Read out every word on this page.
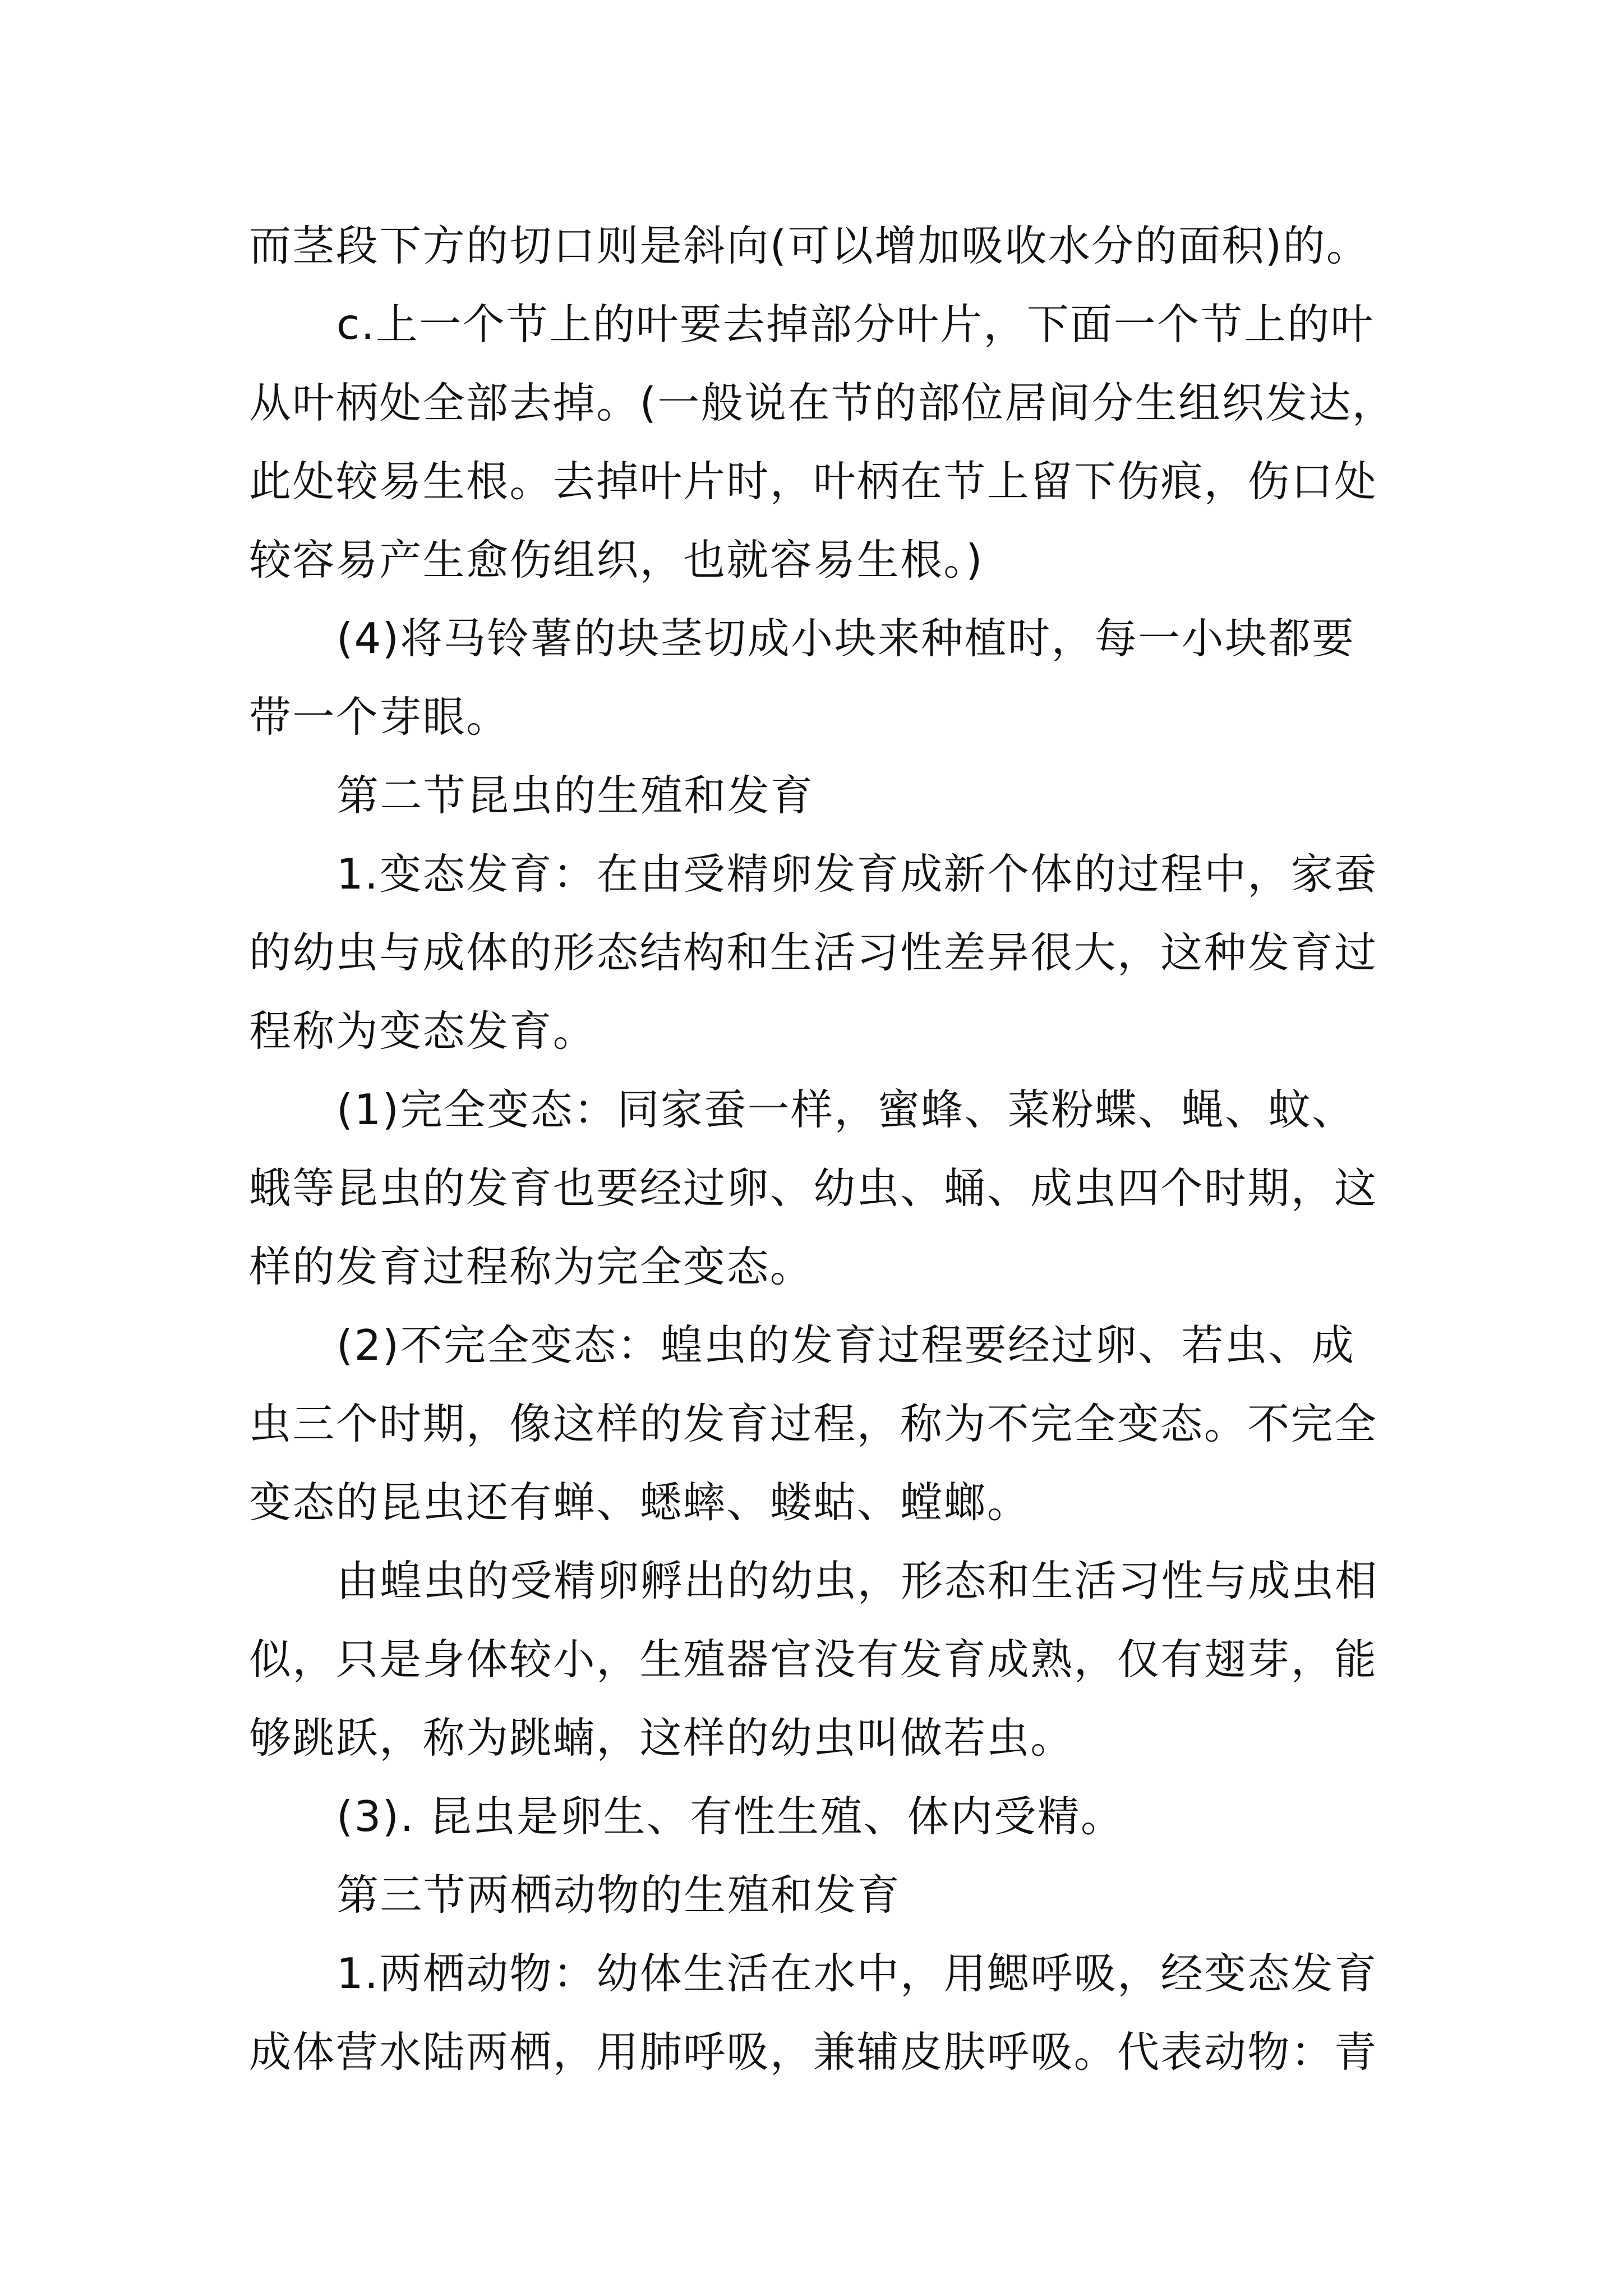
而茎段下方的切口则是斜向(可以增加吸收水分的面积)的。

c.上一个节上的叶要去掉部分叶片，下面一个节上的叶

从叶柄处全部去掉。(一般说在节的部位居间分生组织发达，

此处较易生根。去掉叶片时，叶柄在节上留下伤痕，伤口处

较容易产生愈伤组织，也就容易生根。)

(4)将马铃薯的块茎切成小块来种植时，每一小块都要

带一个芽眼。

第二节昆虫的生殖和发育

1.变态发育：在由受精卵发育成新个体的过程中，家蚕

的幼虫与成体的形态结构和生活习性差异很大，这种发育过

程称为变态发育。

(1)完全变态：同家蚕一样，蜜蜂、菜粉蝶、蝇、蚊、

蛾等昆虫的发育也要经过卵、幼虫、蛹、成虫四个时期，这

样的发育过程称为完全变态。

(2)不完全变态：蝗虫的发育过程要经过卵、若虫、成

虫三个时期，像这样的发育过程，称为不完全变态。不完全

变态的昆虫还有蝉、蟋蟀、蝼蛄、螳螂。

由蝗虫的受精卵孵出的幼虫，形态和生活习性与成虫相

似，只是身体较小，生殖器官没有发育成熟，仅有翅芽，能

够跳跃，称为跳蝻，这样的幼虫叫做若虫。

(3). 昆虫是卵生、有性生殖、体内受精。

第三节两栖动物的生殖和发育

1.两栖动物：幼体生活在水中，用鳃呼吸，经变态发育

成体营水陆两栖，用肺呼吸，兼辅皮肤呼吸。代表动物：青
